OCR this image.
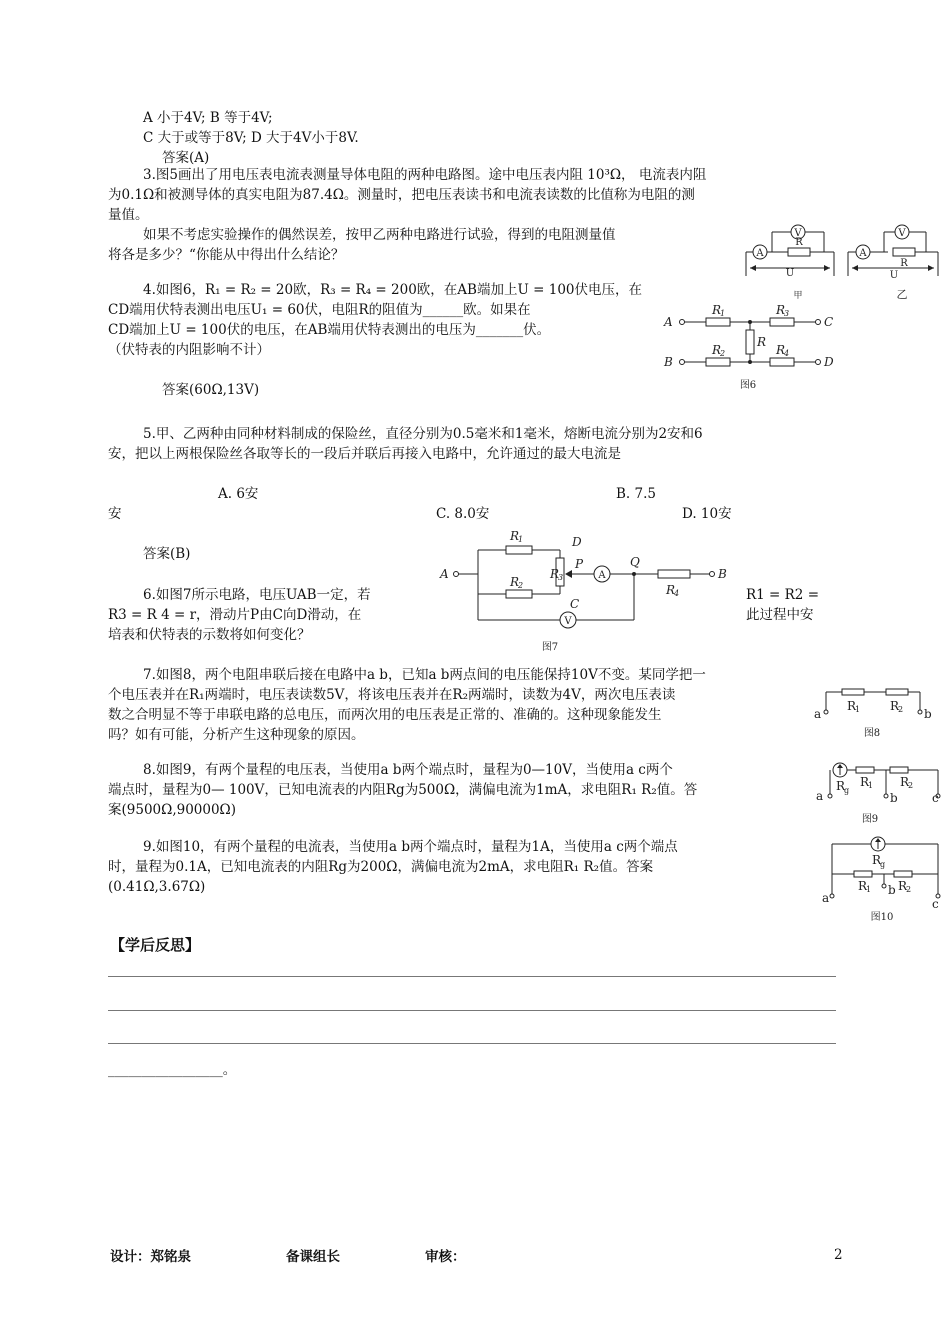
A 小于4V; B 等于4V;
C 大于或等于8V; D 大于4V小于8V.
答案(A)
3.图5画出了用电压表电流表测量导体电阻的两种电路图。途中电压表内阻 10³Ω， 电流表内阻
为0.1Ω和被测导体的真实电阻为87.4Ω。测量时，把电压表读书和电流表读数的比值称为电阻的测
量值。
如果不考虑实验操作的偶然误差，按甲乙两种电路进行试验，得到的电阻测量值
将各是多少？“你能从中得出什么结论？	A
V
R
U
A
V
R
U
甲	乙
4.如图6，R₁ = R₂ = 20欧，R₃ = R₄ = 200欧，在AB端加上U = 100伏电压，在
CD端用伏特表测出电压U₁ = 60伏，电阻R的阻值为______欧。如果在
CD端加上U = 100伏的电压，在AB端用伏特表测出的电压为_______伏。
（伏特表的内阻影响不计）
答案(60Ω,13V)
A
B
C
D
R
1	R
3
R
2	R
4
R
图6
5.甲、乙两种由同种材料制成的保险丝，直径分别为0.5毫米和1毫米，熔断电流分别为2安和6
安，把以上两根保险丝各取等长的一段后并联后再接入电路中，允许通过的最大电流是
A. 6安	B. 7.5
安	C. 8.0安	D. 10安
答案(B)
A	B
D
C
P	Q
R
1
R
2
R
3
R
4
A
V
图7
6.如图7所示电路，电压UAB一定，若
R3 = R 4 = r，滑动片P由C向D滑动，在
培表和伏特表的示数将如何变化？
R1 = R2 =
此过程中安
7.如图8，两个电阻串联后接在电路中a b，已知a b两点间的电压能保持10V不变。某同学把一
个电压表并在R₁两端时，电压表读数5V，将该电压表并在R₂两端时，读数为4V，两次电压表读
数之合明显不等于串联电路的总电压，而两次用的电压表是正常的、准确的。这种现象能发生
吗？如有可能，分析产生这种现象的原因。
a	b
R
1 R
2
图8
8.如图9，有两个量程的电压表，当使用a b两个端点时，量程为0—10V，当使用a c两个
端点时，量程为0— 100V，已知电流表的内阻Rg为500Ω，满偏电流为1mA，求电阻R₁ R₂值。答
案(9500Ω,90000Ω)
a	b	c
R
g
R
1 R
2
图9
9.如图10，有两个量程的电流表，当使用a b两个端点时，量程为1A，当使用a c两个端点
时，量程为0.1A，已知电流表的内阻Rg为200Ω，满偏电流为2mA，求电阻R₁ R₂值。答案
(0.41Ω,3.67Ω)
a
b
c
R
g
R
1 R
2
图10
【学后反思】
_________________。
设计：郑铭泉	备课组长	审核：	2
